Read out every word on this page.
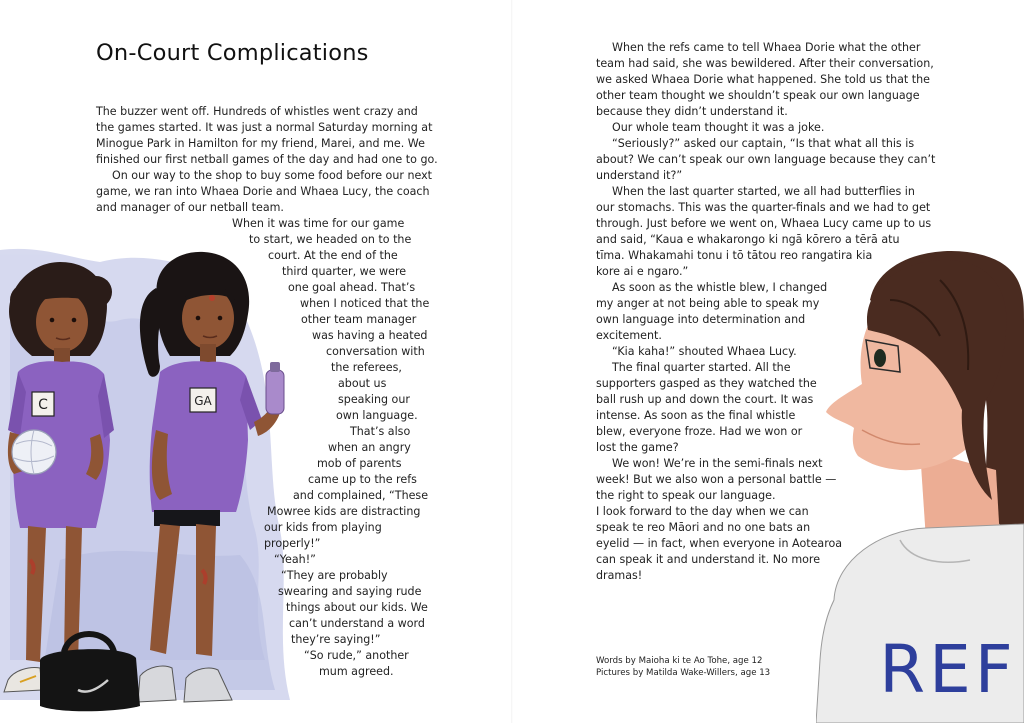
C	GA
REF
On-Court Complications
The buzzer went off. Hundreds of whistles went crazy and
the games started. It was just a normal Saturday morning at
Minogue Park in Hamilton for my friend, Marei, and me. We
finished our first netball games of the day and had one to go.
On our way to the shop to buy some food before our next
game, we ran into Whaea Dorie and Whaea Lucy, the coach
and manager of our netball team.
When it was time for our game
to start, we headed on to the
court. At the end of the
third quarter, we were
one goal ahead. That’s
when I noticed that the
other team manager
was having a heated
conversation with
the referees,
about us
speaking our
own language.
That’s also
when an angry
mob of parents
came up to the refs
and complained, “These
Mowree kids are distracting
our kids from playing
properly!”
“Yeah!”
“They are probably
swearing and saying rude
things about our kids. We
can’t understand a word
they’re saying!”
“So rude,” another
mum agreed.
When the refs came to tell Whaea Dorie what the other
team had said, she was bewildered. After their conversation,
we asked Whaea Dorie what happened. She told us that the
other team thought we shouldn’t speak our own language
because they didn’t understand it.
Our whole team thought it was a joke.
“Seriously?” asked our captain, “Is that what all this is
about? We can’t speak our own language because they can’t
understand it?”
When the last quarter started, we all had butterflies in
our stomachs. This was the quarter-finals and we had to get
through. Just before we went on, Whaea Lucy came up to us
and said, “Kaua e whakarongo ki ngā kōrero a tērā atu
tīma. Whakamahi tonu i tō tātou reo rangatira kia
kore ai e ngaro.”
As soon as the whistle blew, I changed
my anger at not being able to speak my
own language into determination and
excitement.
“Kia kaha!” shouted Whaea Lucy.
The final quarter started. All the
supporters gasped as they watched the
ball rush up and down the court. It was
intense. As soon as the final whistle
blew, everyone froze. Had we won or
lost the game?
We won! We’re in the semi-finals next
week! But we also won a personal battle —
the right to speak our language.
I look forward to the day when we can
speak te reo Māori and no one bats an
eyelid — in fact, when everyone in Aotearoa
can speak it and understand it. No more
dramas!
Words by Maioha ki te Ao Tohe, age 12
Pictures by Matilda Wake-Willers, age 13
